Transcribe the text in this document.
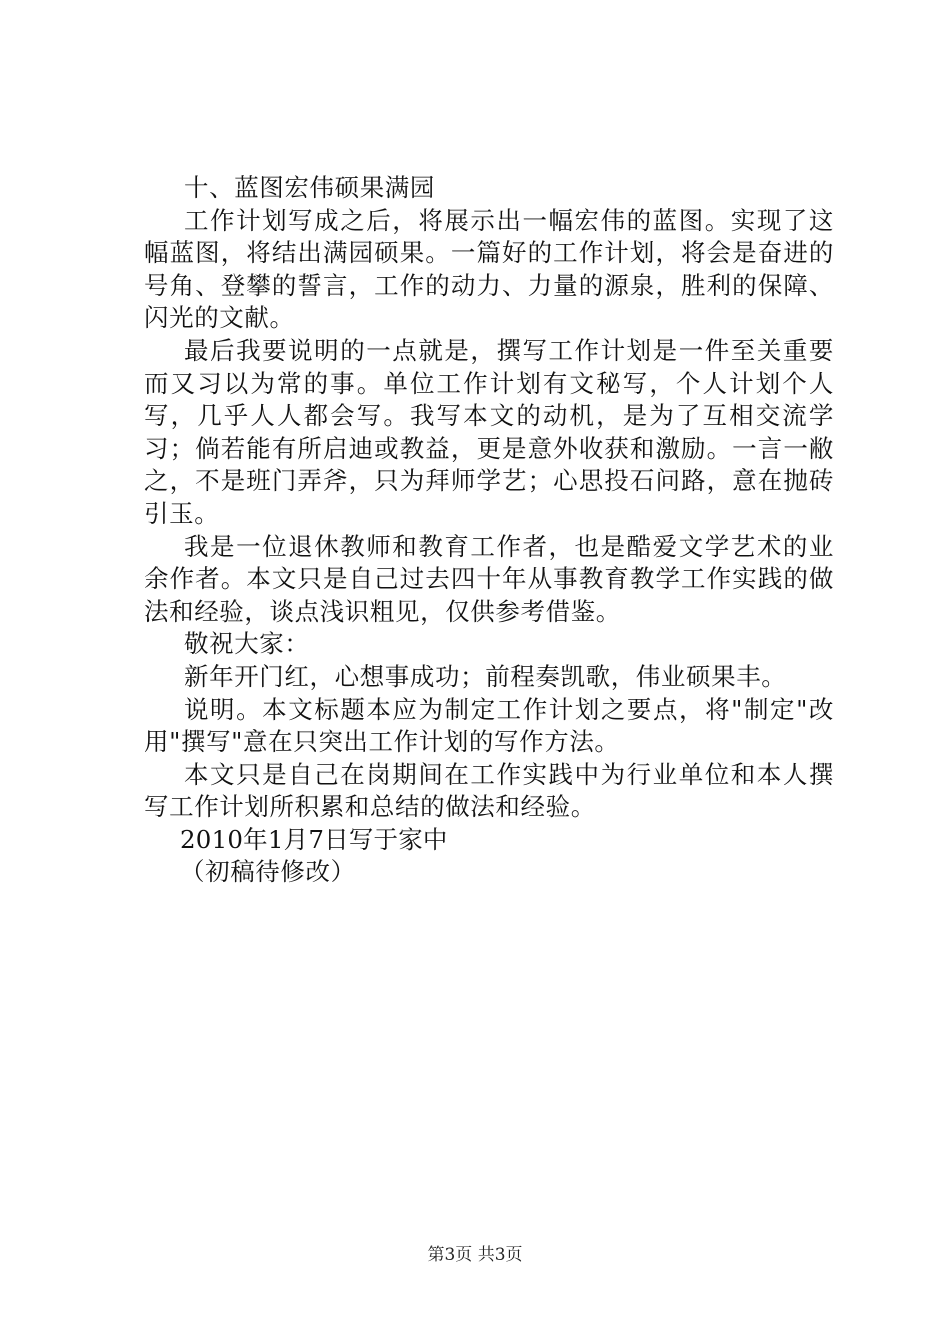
十、蓝图宏伟硕果满园

工作计划写成之后，将展示出一幅宏伟的蓝图。实现了这幅蓝图，将结出满园硕果。一篇好的工作计划，将会是奋进的号角、登攀的誓言，工作的动力、力量的源泉，胜利的保障、闪光的文献。

最后我要说明的一点就是，撰写工作计划是一件至关重要而又习以为常的事。单位工作计划有文秘写，个人计划个人写，几乎人人都会写。我写本文的动机，是为了互相交流学习；倘若能有所启迪或教益，更是意外收获和激励。一言一敝之，不是班门弄斧，只为拜师学艺；心思投石问路，意在抛砖引玉。

我是一位退休教师和教育工作者，也是酷爱文学艺术的业余作者。本文只是自己过去四十年从事教育教学工作实践的做法和经验，谈点浅识粗见，仅供参考借鉴。

敬祝大家：

新年开门红，心想事成功；前程奏凯歌，伟业硕果丰。

说明。本文标题本应为制定工作计划之要点，将"制定"改用"撰写"意在只突出工作计划的写作方法。

本文只是自己在岗期间在工作实践中为行业单位和本人撰写工作计划所积累和总结的做法和经验。

2010年1月7日写于家中

（初稿待修改）

第3页 共3页
